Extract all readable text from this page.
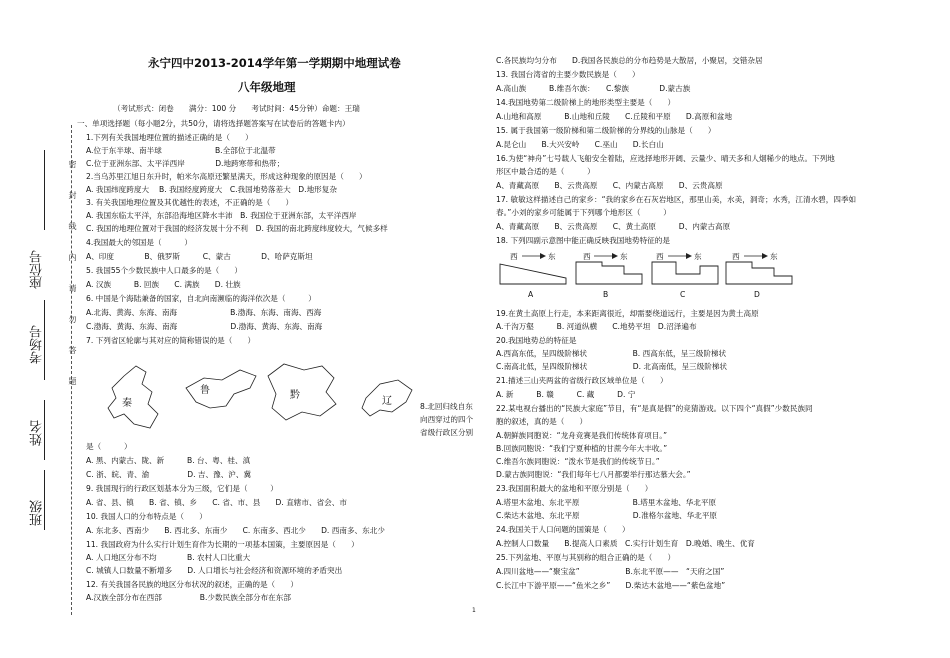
密
封
线
内
请
勿
答
题
座位号
考场号
姓名
班级
永宁四中2013-2014学年第一学期期中地理试卷
八年级地理
（考试形式：闭卷　　满分：100 分　　考试时间：45分钟）命题：王瑞
一、单项选择题（每小题2分，共50分，请将选择题答案写在试卷后的答题卡内）
1.下列有关我国地理位置的描述正确的是（　　）
A.位于东半球、南半球　　　　　　　B.全部位于北温带
C.位于亚洲东部、太平洋西岸　　　　D.地跨寒带和热带；
2.当乌苏里江旭日东升时，帕米尔高原还繁星满天，形成这种现象的原因是（　　）
A. 我国纬度跨度大　 B. 我国经度跨度大　C.我国地势落差大　D.地形复杂
3. 有关我国地理位置及其优越性的表述，不正确的是（　　）
A. 我国东临太平洋，东部沿海地区降水丰沛　B. 我国位于亚洲东部，太平洋西岸
C. 我国的地理位置对于我国的经济发展十分不利　D. 我国的南北跨度纬度较大，气候多样
4.我国最大的邻国是（　　　）
A、印度　　　　B、俄罗斯　　　C、蒙古　　　　D、哈萨克斯坦
5. 我国55个少数民族中人口最多的是（　　）
A. 汉族　　　B. 回族　　C. 满族　　D. 壮族
6. 中国是个海陆兼备的国家，自北向南濒临的海洋依次是（　　　）
A.北海、黄海、东海、南海　　　　　　　B.渤海、东海、南海、西海
C.渤海、黄海、东海、南海　　　　　　　D.渤海、黄海、东海、南海
7. 下列省区轮廓与其对应的简称错误的是（　　）
秦
鲁	黔
辽	8.北回归线自东
向西穿过的四个
省级行政区分别
是（　　　）
A. 黑、内蒙古、陇、新　　　B. 台、粤、桂、滇
C. 浙、皖、青、渝　　　　　D. 吉、豫、沪、冀
9. 我国现行的行政区划基本分为三级，它们是（　　　）
A. 省、县、镇　　B. 省、镇、乡　　C. 省、市、县　　D. 直辖市、省会、市
10. 我国人口的分布特点是（　　）
A. 东北多、西南少　　B. 西北多、东南少　　C. 东南多、西北少　　D. 西南多、东北少
11. 我国政府为什么实行计划生育作为长期的一项基本国策，主要原因是（　　）
A. 人口地区分布不均　　　　B. 农村人口比重大
C. 城镇人口数量不断增多　　D. 人口增长与社会经济和资源环境的矛盾突出
12. 有关我国各民族的地区分布状况的叙述，正确的是（　　）
A.汉族全部分布在西部　　　　　B.少数民族全部分布在东部
C.各民族均匀分布　　D.我国各民族总的分布趋势是大散居，小聚居，交错杂居
13. 我国台湾省的主要少数民族是（　　）
A.高山族　　　B.维吾尔族：　　C.黎族　　　　D.蒙古族
14.我国地势第二级阶梯上的地形类型主要是（　　）
A.山地和高原　　　B.山地和丘陵　　C.丘陵和平原　　D.高原和盆地
15. 属于我国第一级阶梯和第二级阶梯的分界线的山脉是（　　）
A.昆仑山　　B.大兴安岭　　C.巫山　　D.长白山
16.为使“神舟”七号载人飞船安全着陆，应选择地形开阔、云量少、晴天多和人烟稀少的地点。下列地
形区中最合适的是（　　　）
A、青藏高原　　B、云贵高原　　C、内蒙古高原　　D、云贵高原
17. 敏敏这样描述自己的家乡：“我的家乡在石灰岩地区，那里山美，水美，洞奇；水秀，江清水碧，四季如
春。”小刘的家乡可能属于下列哪个地形区（　　　）
A、青藏高原　　B、云贵高原　　C、黄土高原　　　D、内蒙古高原
18. 下列四副示意图中能正确反映我国地势特征的是
西	东	西	东	西	东	西	东
A	B	C	D
19.在黄土高原上行走，本来距离很近，却需要绕道远行，主要是因为黄土高原
A.千沟万壑　　　B. 河道纵横　　C.地势平坦　D.沼泽遍布
20.我国地势总的特征是
A.西高东低，呈四级阶梯状　　　　　　B. 西高东低，呈三级阶梯状
C.南高北低，呈四级阶梯状　　　　　　D. 北高南低，呈三级阶梯状
21.描述三山夹两盆的省级行政区域单位是（　　）
A. 新　　　B. 赣　　　C. 藏　　　D. 宁
22.某电视台播出的“民族大家庭”节目，有“是真是假”的竞猜游戏。以下四个“真假”少数民族同
胞的叙述，真的是（　　）
A.朝鲜族同胞说：“龙舟竞赛是我们传统体育项目。”
B.回族同胞说：“我们宁夏种植的甘蔗今年大丰收。”
C.维吾尔族同胞说：“泼水节是我们的传统节日。”
D.蒙古族同胞说：“我们每年七八月都要举行那达慕大会。”
23.我国面积最大的盆地和平原分别是（　　）
A.塔里木盆地、东北平原　　　　　　　B.塔里木盆地、华北平原
C.柴达木盆地、东北平原　　　　　　　D.准格尔盆地、华北平原
24.我国关于人口问题的国策是（　　）
A.控制人口数量　　B.提高人口素质　C.实行计划生育　D.晚婚、晚生、优育
25.下列盆地、平原与其别称的组合正确的是（　　）
A.四川盆地——“聚宝盆”　　　　　　B.东北平原——　“天府之国”
C.长江中下游平原——“鱼米之乡”　　D.柴达木盆地——“紫色盆地”
1
